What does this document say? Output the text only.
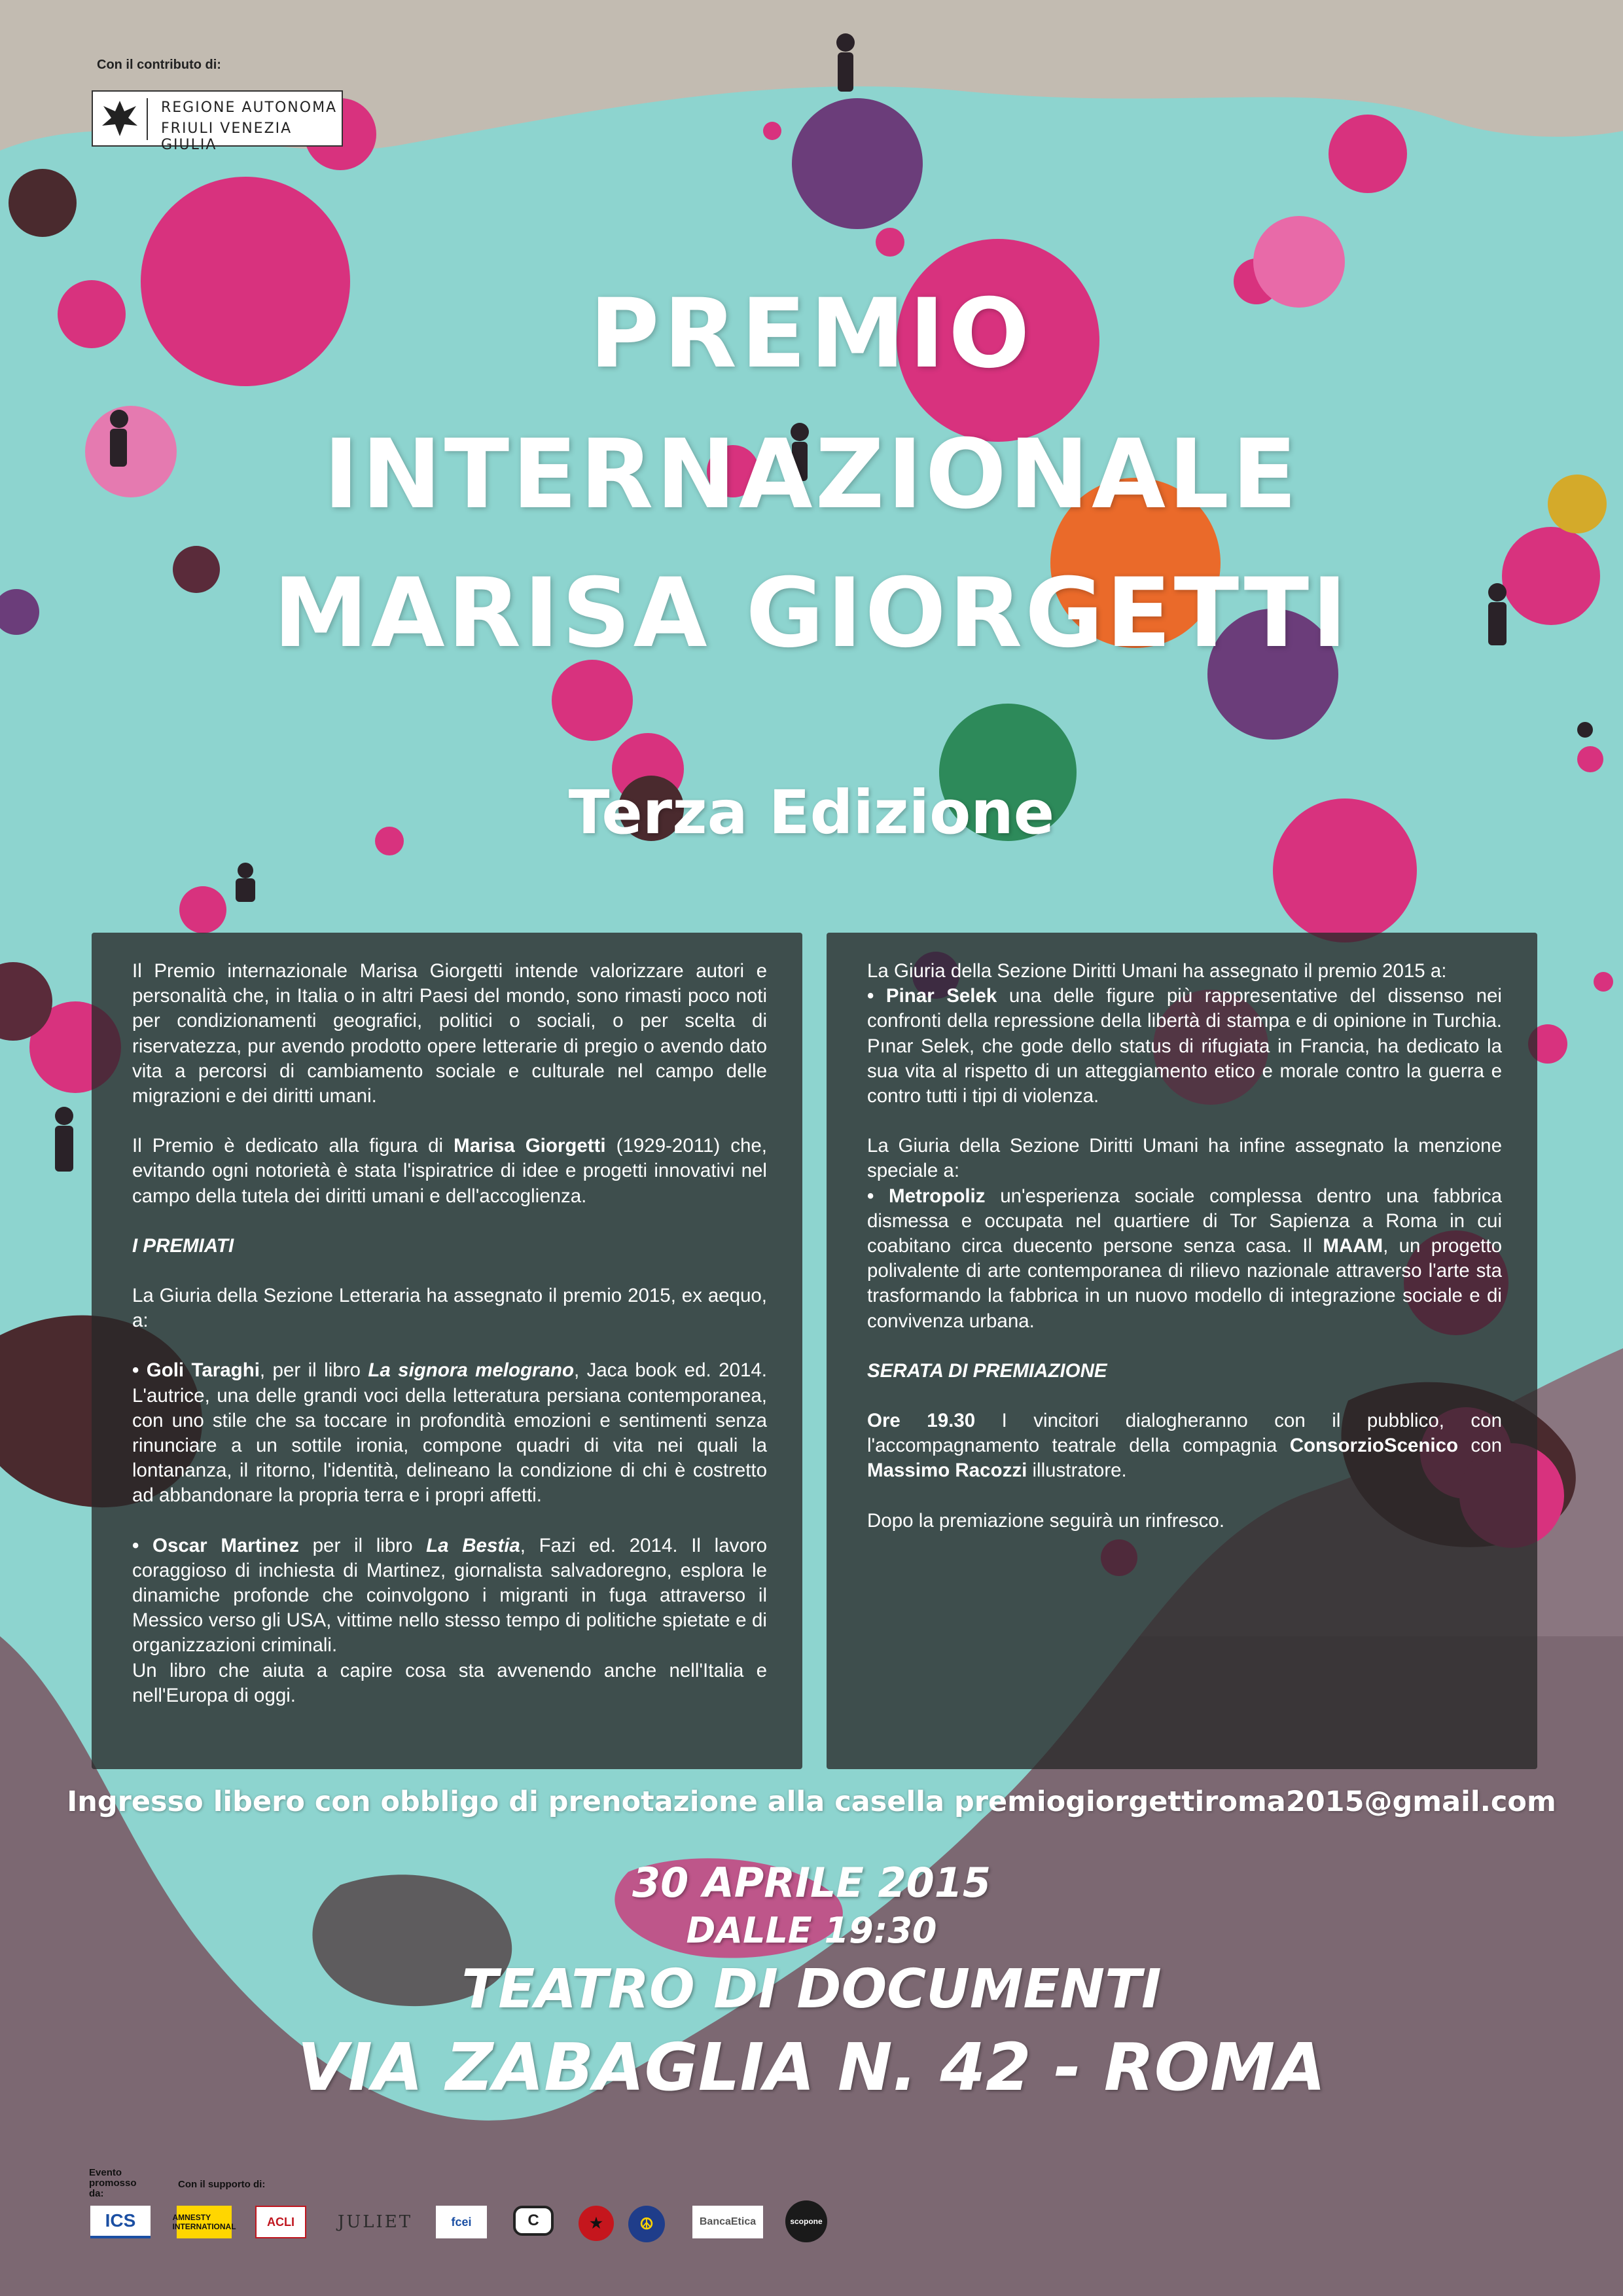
Con il contributo di:
REGIONE AUTONOMA
FRIULI VENEZIA GIULIA
PREMIO
INTERNAZIONALE
MARISA GIORGETTI
Terza Edizione

Il Premio internazionale Marisa Giorgetti intende valorizzare autori e personalità che, in Italia o in altri Paesi del mondo, sono rimasti poco noti per condizionamenti geografici, politici o sociali, o per scelta di riservatezza, pur avendo prodotto opere letterarie di pregio o avendo dato vita a percorsi di cambiamento sociale e culturale nel campo delle migrazioni e dei diritti umani.

Il Premio è dedicato alla figura di Marisa Giorgetti (1929-2011) che, evitando ogni notorietà è stata l'ispiratrice di idee e progetti innovativi nel campo della tutela dei diritti umani e dell'accoglienza.

I PREMIATI

La Giuria della Sezione Letteraria ha assegnato il premio 2015, ex aequo, a:

• Goli Taraghi, per il libro La signora melograno, Jaca book ed. 2014. L'autrice, una delle grandi voci della letteratura persiana contemporanea, con uno stile che sa toccare in profondità emozioni e sentimenti senza rinunciare a un sottile ironia, compone quadri di vita nei quali la lontananza, il ritorno, l'identità, delineano la condizione di chi è costretto ad abbandonare la propria terra e i propri affetti.

• Oscar Martinez per il libro La Bestia, Fazi ed. 2014. Il lavoro coraggioso di inchiesta di Martinez, giornalista salvadoregno, esplora le dinamiche profonde che coinvolgono i migranti in fuga attraverso il Messico verso gli USA, vittime nello stesso tempo di politiche spietate e di organizzazioni criminali.

Un libro che aiuta a capire cosa sta avvenendo anche nell'Italia e nell'Europa di oggi.

La Giuria della Sezione Diritti Umani ha assegnato il premio 2015 a:

• Pinar Selek una delle figure più rappresentative del dissenso nei confronti della repressione della libertà di stampa e di opinione in Turchia. Pınar Selek, che gode dello status di rifugiata in Francia, ha dedicato la sua vita al rispetto di un atteggiamento etico e morale contro la guerra e contro tutti i tipi di violenza.

La Giuria della Sezione Diritti Umani ha infine assegnato la menzione speciale a:

• Metropoliz un'esperienza sociale complessa dentro una fabbrica dismessa e occupata nel quartiere di Tor Sapienza a Roma in cui coabitano circa duecento persone senza casa. Il MAAM, un progetto polivalente di arte contemporanea di rilievo nazionale attraverso l'arte sta trasformando la fabbrica in un nuovo modello di integrazione sociale e di convivenza urbana.

SERATA DI PREMIAZIONE

Ore 19.30 I vincitori dialogheranno con il pubblico, con l'accompagnamento teatrale della compagnia ConsorzioScenico con Massimo Racozzi illustratore.

Dopo la premiazione seguirà un rinfresco.

Ingresso libero con obbligo di prenotazione alla casella premiogiorgettiroma2015@gmail.com
30 APRILE 2015
DALLE 19:30
TEATRO DI DOCUMENTI
VIA ZABAGLIA N. 42 - ROMA
Evento promosso da:
Con il supporto di:
ICS	AMNESTY INTERNATIONAL	ACLI	JULIET	fcei	C	★	☮	BancaEtica	scopone
